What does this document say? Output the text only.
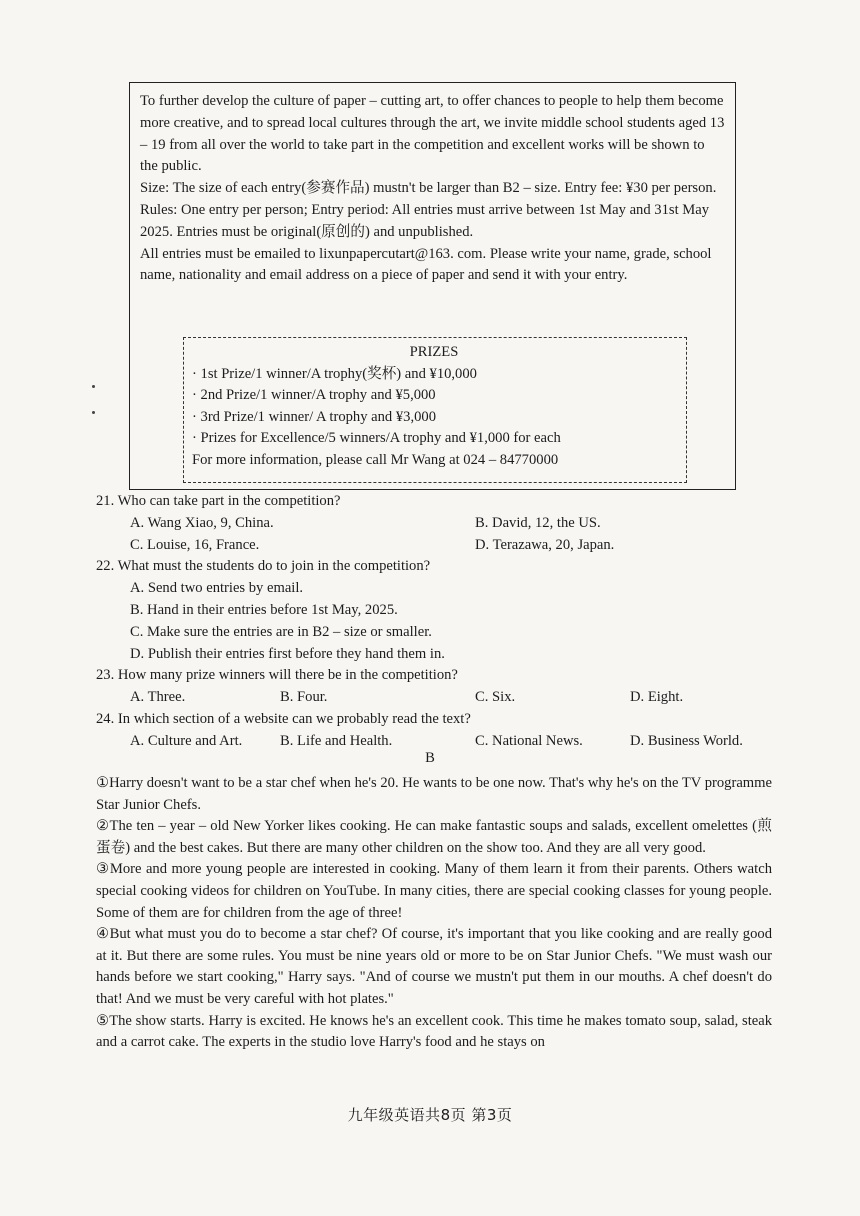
To further develop the culture of paper – cutting art, to offer chances to people to help them become more creative, and to spread local cultures through the art, we invite middle school students aged 13 – 19 from all over the world to take part in the competition and excellent works will be shown to the public.

Size: The size of each entry(参赛作品) mustn't be larger than B2 – size. Entry fee: ¥30 per person.

Rules: One entry per person; Entry period: All entries must arrive between 1st May and 31st May 2025. Entries must be original(原创的) and unpublished.

All entries must be emailed to lixunpapercutart@163. com. Please write your name, grade, school name, nationality and email address on a piece of paper and send it with your entry.

PRIZES
· 1st Prize/1 winner/A trophy(奖杯) and ¥10,000
· 2nd Prize/1 winner/A trophy and ¥5,000
· 3rd Prize/1 winner/ A trophy and ¥3,000
· Prizes for Excellence/5 winners/A trophy and ¥1,000 for each
For more information, please call Mr Wang at 024 – 84770000
21. Who can take part in the competition?
A. Wang Xiao, 9, China.	B. David, 12, the US.
C. Louise, 16, France.	D. Terazawa, 20, Japan.
22. What must the students do to join in the competition?
A. Send two entries by email.
B. Hand in their entries before 1st May, 2025.
C. Make sure the entries are in B2 – size or smaller.
D. Publish their entries first before they hand them in.
23. How many prize winners will there be in the competition?
A. Three.	B. Four.	C. Six.	D. Eight.
24. In which section of a website can we probably read the text?
A. Culture and Art.	B. Life and Health.	C. National News.	D. Business World.
B

①Harry doesn't want to be a star chef when he's 20. He wants to be one now. That's why he's on the TV programme Star Junior Chefs.

②The ten – year – old New Yorker likes cooking. He can make fantastic soups and salads, excellent omelettes (煎蛋卷) and the best cakes. But there are many other children on the show too. And they are all very good.

③More and more young people are interested in cooking. Many of them learn it from their parents. Others watch special cooking videos for children on YouTube. In many cities, there are special cooking classes for young people. Some of them are for children from the age of three!

④But what must you do to become a star chef? Of course, it's important that you like cooking and are really good at it. But there are some rules. You must be nine years old or more to be on Star Junior Chefs. "We must wash our hands before we start cooking," Harry says. "And of course we mustn't put them in our mouths. A chef doesn't do that! And we must be very careful with hot plates."

⑤The show starts. Harry is excited. He knows he's an excellent cook. This time he makes tomato soup, salad, steak and a carrot cake. The experts in the studio love Harry's food and he stays on

九年级英语共8页 第3页
